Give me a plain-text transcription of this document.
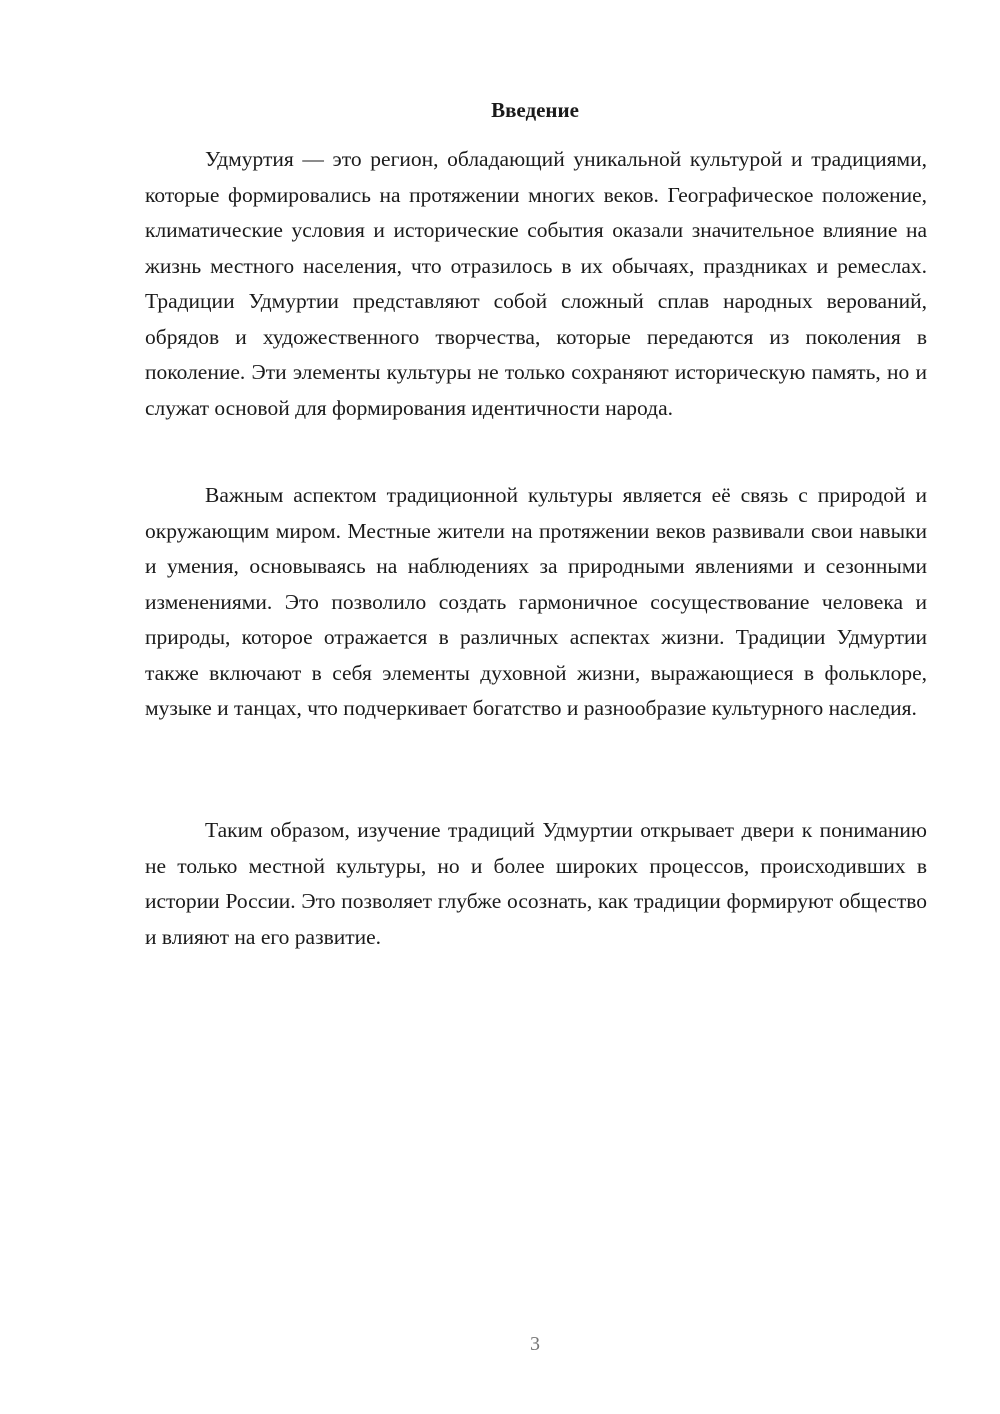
Введение

Удмуртия — это регион, обладающий уникальной культурой и традициями, которые формировались на протяжении многих веков. Географическое положение, климатические условия и исторические события оказали значительное влияние на жизнь местного населения, что отразилось в их обычаях, праздниках и ремеслах. Традиции Удмуртии представляют собой сложный сплав народных верований, обрядов и художественного творчества, которые передаются из поколения в поколение. Эти элементы культуры не только сохраняют историческую память, но и служат основой для формирования идентичности народа.

Важным аспектом традиционной культуры является её связь с природой и окружающим миром. Местные жители на протяжении веков развивали свои навыки и умения, основываясь на наблюдениях за природными явлениями и сезонными изменениями. Это позволило создать гармоничное сосуществование человека и природы, которое отражается в различных аспектах жизни. Традиции Удмуртии также включают в себя элементы духовной жизни, выражающиеся в фольклоре, музыке и танцах, что подчеркивает богатство и разнообразие культурного наследия.

Таким образом, изучение традиций Удмуртии открывает двери к пониманию не только местной культуры, но и более широких процессов, происходивших в истории России. Это позволяет глубже осознать, как традиции формируют общество и влияют на его развитие.

3
